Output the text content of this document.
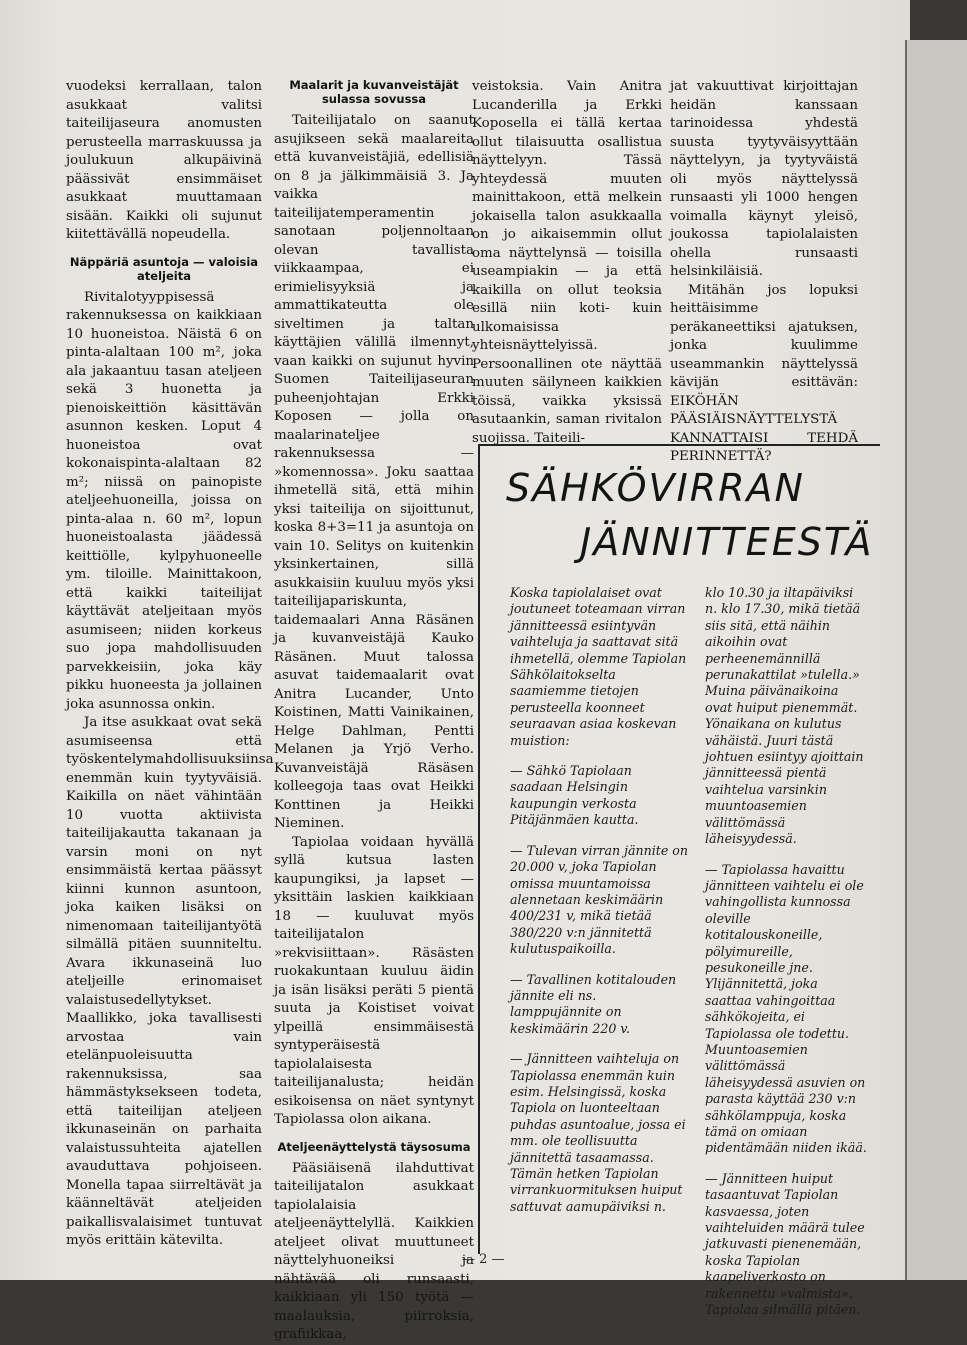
vuodeksi kerrallaan, talon asukkaat valitsi taiteilijaseura anomusten perusteella marraskuussa ja joulukuun alkupäivinä päässivät ensimmäiset asukkaat muuttamaan sisään. Kaikki oli sujunut kiitettävällä nopeudella.

Näppäriä asuntoja — valoisia ateljeita

Rivitalotyyppisessä rakennuksessa on kaikkiaan 10 huoneistoa. Näistä 6 on pinta-alaltaan 100 m², joka ala jakaantuu tasan ateljeen sekä 3 huonetta ja pienoiskeittiön käsittävän asunnon kesken. Loput 4 huoneistoa ovat kokonaispinta-alaltaan 82 m²; niissä on painopiste ateljeehuoneilla, joissa on pinta-alaa n. 60 m², lopun huoneistoalasta jäädessä keittiölle, kylpyhuoneelle ym. tiloille. Mainittakoon, että kaikki taiteilijat käyttävät ateljeitaan myös asumiseen; niiden korkeus suo jopa mahdollisuuden parvekkeisiin, joka käy pikku huoneesta ja jollainen joka asunnossa onkin.

Ja itse asukkaat ovat sekä asumiseensa että työskentelymahdollisuuksiinsa enemmän kuin tyytyväisiä. Kaikilla on näet vähintään 10 vuotta aktiivista taiteilijakautta takanaan ja varsin moni on nyt ensimmäistä kertaa päässyt kiinni kunnon asuntoon, joka kaiken lisäksi on nimenomaan taiteilijantyötä silmällä pitäen suunniteltu. Avara ikkunaseinä luo ateljeille erinomaiset valaistusedellytykset. Maallikko, joka tavallisesti arvostaa vain etelänpuoleisuutta rakennuksissa, saa hämmästyksekseen todeta, että taiteilijan ateljeen ikkunaseinän on parhaita valaistussuhteita ajatellen avauduttava pohjoiseen. Monella tapaa siirreltävät ja käänneltävät ateljeiden paikallisvalaisimet tuntuvat myös erittäin kätevilta.

Maalarit ja kuvanveistäjät sulassa sovussa

Taiteilijatalo on saanut asujikseen sekä maalareita että kuvanveistäjiä, edellisiä on 8 ja jälkimmäisiä 3. Ja vaikka taiteilijatemperamentin sanotaan poljennoltaan olevan tavallista viikkaampaa, ei erimielisyyksiä ja ammattikateutta ole siveltimen ja taltan käyttäjien välillä ilmennyt, vaan kaikki on sujunut hyvin Suomen Taiteilijaseuran puheenjohtajan Erkki Koposen — jolla on maalarinateljee rakennuksessa — »komennossa». Joku saattaa ihmetellä sitä, että mihin yksi taiteilija on sijoittunut, koska 8+3=11 ja asuntoja on vain 10. Selitys on kuitenkin yksinkertainen, sillä asukkaisiin kuuluu myös yksi taiteilijapariskunta, taidemaalari Anna Räsänen ja kuvanveistäjä Kauko Räsänen. Muut talossa asuvat taidemaalarit ovat Anitra Lucander, Unto Koistinen, Matti Vainikainen, Helge Dahlman, Pentti Melanen ja Yrjö Verho. Kuvanveistäjä Räsäsen kolleegoja taas ovat Heikki Konttinen ja Heikki Nieminen.

Tapiolaa voidaan hyvällä syllä kutsua lasten kaupungiksi, ja lapset — yksittäin laskien kaikkiaan 18 — kuuluvat myös taiteilijatalon »rekvisiittaan». Räsästen ruokakuntaan kuuluu äidin ja isän lisäksi peräti 5 pientä suuta ja Koistiset voivat ylpeillä ensimmäisestä syntyperäisestä tapiolalaisesta taiteilijanalusta; heidän esikoisensa on näet syntynyt Tapiolassa olon aikana.

Ateljeenäyttelystä täysosuma

Pääsiäisenä ilahduttivat taiteilijatalon asukkaat tapiolalaisia ateljeenäyttelyllä. Kaikkien ateljeet olivat muuttuneet näyttelyhuoneiksi ja nähtävää oli runsaasti, kaikkiaan yli 150 työtä — maalauksia, piirroksia, grafiikkaa,

veistoksia. Vain Anitra Lucanderilla ja Erkki Koposella ei tällä kertaa ollut tilaisuutta osallistua näyttelyyn. Tässä yhteydessä muuten mainittakoon, että melkein jokaisella talon asukkaalla on jo aikaisemmin ollut oma näyttelynsä — toisilla useampiakin — ja että kaikilla on ollut teoksia esillä niin koti- kuin ulkomaisissa yhteisnäyttelyissä. Persoonallinen ote näyttää muuten säilyneen kaikkien töissä, vaikka yksissä asutaankin, saman rivitalon suojissa. Taiteili-

jat vakuuttivat kirjoittajan heidän kanssaan tarinoidessa yhdestä suusta tyytyväisyyttään näyttelyyn, ja tyytyväistä oli myös näyttelyssä runsaasti yli 1000 hengen voimalla käynyt yleisö, joukossa tapiolalaisten ohella runsaasti helsinkiläisiä.

Mitähän jos lopuksi heittäisimme peräkaneettiksi ajatuksen, jonka kuulimme useammankin näyttelyssä kävijän esittävän: EIKÖHÄN PÄÄSIÄISNÄYTTELYSTÄ KANNATTAISI TEHDÄ PERINNETTÄ?

SÄHKÖVIRRAN
JÄNNITTEESTÄ

Koska tapiolalaiset ovat joutuneet toteamaan virran jännitteessä esiintyvän vaihteluja ja saattavat sitä ihmetellä, olemme Tapiolan Sähkölaitokselta saamiemme tietojen perusteella koonneet seuraavan asiaa koskevan muistion:

— Sähkö Tapiolaan saadaan Helsingin kaupungin verkosta Pitäjänmäen kautta.

— Tulevan virran jännite on 20.000 v, joka Tapiolan omissa muuntamoissa alennetaan keskimäärin 400/231 v, mikä tietää 380/220 v:n jännitettä kulutuspaikoilla.

— Tavallinen kotitalouden jännite eli ns. lamppujännite on keskimäärin 220 v.

— Jännitteen vaihteluja on Tapiolassa enemmän kuin esim. Helsingissä, koska Tapiola on luonteeltaan puhdas asuntoalue, jossa ei mm. ole teollisuutta jännitettä tasaamassa. Tämän hetken Tapiolan virrankuormituksen huiput sattuvat aamupäiviksi n.

klo 10.30 ja iltapäiviksi n. klo 17.30, mikä tietää siis sitä, että näihin aikoihin ovat perheenemännillä perunakattilat »tulella.» Muina päivänaikoina ovat huiput pienemmät. Yönaikana on kulutus vähäistä. Juuri tästä johtuen esiintyy ajoittain jännitteessä pientä vaihtelua varsinkin muuntoasemien välittömässä läheisyydessä.

— Tapiolassa havaittu jännitteen vaihtelu ei ole vahingollista kunnossa oleville kotitalouskoneille, pölyimureille, pesukoneille jne. Ylijännitettä, joka saattaa vahingoittaa sähkökojeita, ei Tapiolassa ole todettu. Muuntoasemien välittömässä läheisyydessä asuvien on parasta käyttää 230 v:n sähkölamppuja, koska tämä on omiaan pidentämään niiden ikää.

— Jännitteen huiput tasaantuvat Tapiolan kasvaessa, joten vaihteluiden määrä tulee jatkuvasti pienenemään, koska Tapiolan kaapeliverkosto on rakennettu »valmista». Tapiolaa silmällä pitäen.

— 2 —
